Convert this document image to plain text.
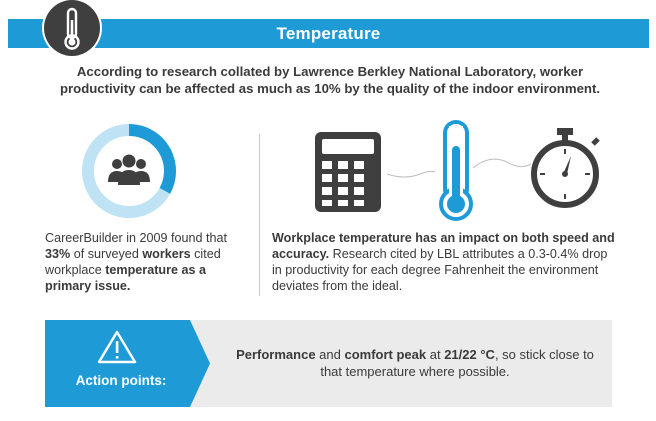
Temperature
According to research collated by Lawrence Berkley National Laboratory, worker productivity can be affected as much as 10% by the quality of the indoor environment.
CareerBuilder in 2009 found that 33% of surveyed workers cited workplace temperature as a primary issue.
Workplace temperature has an impact on both speed and accuracy. Research cited by LBL attributes a 0.3-0.4% drop in productivity for each degree Fahrenheit the environment deviates from the ideal.
Action points:
Performance and comfort peak at 21/22 °C, so stick close to that temperature where possible.
